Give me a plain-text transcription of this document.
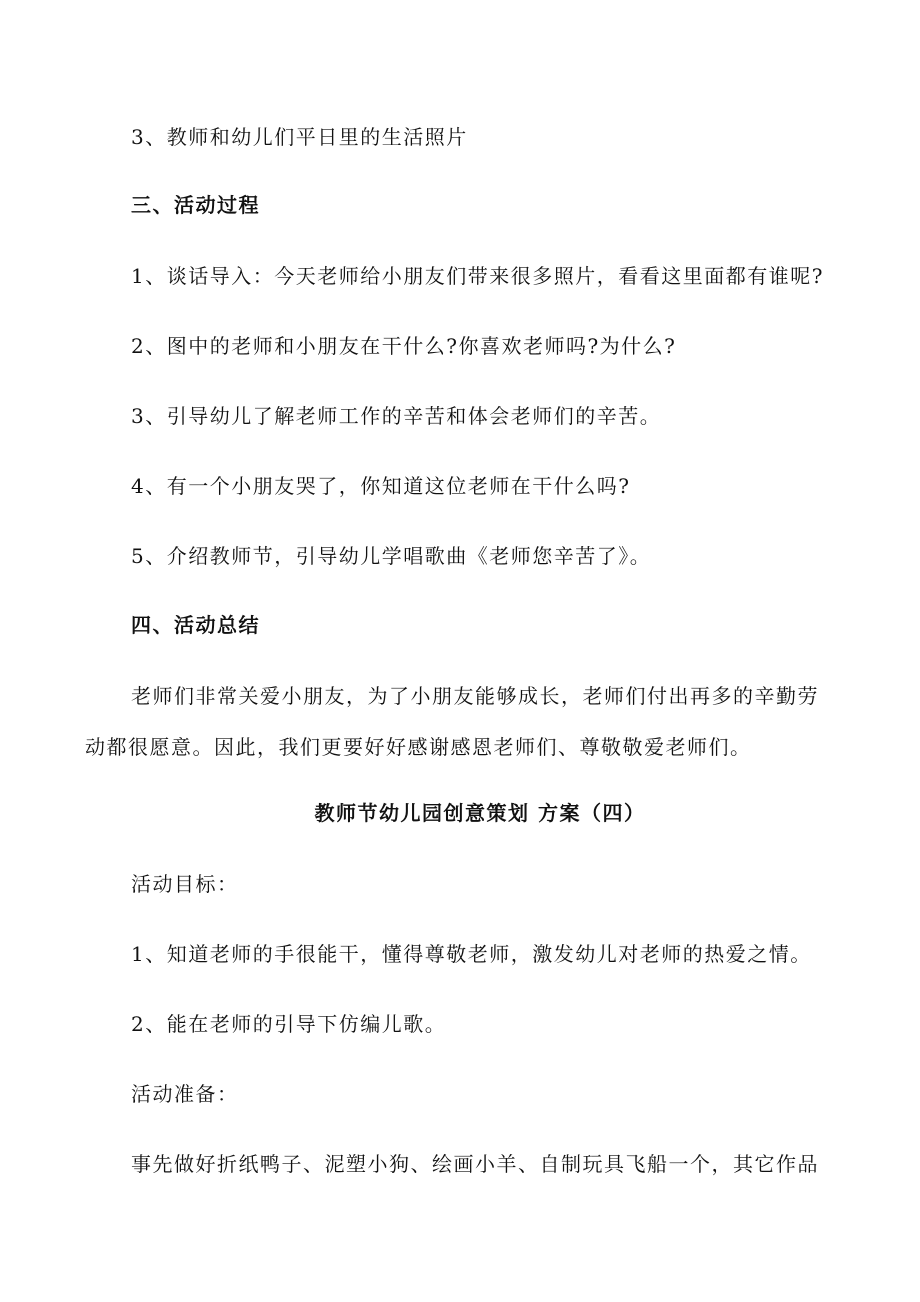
3、教师和幼儿们平日里的生活照片
三、活动过程
1、谈话导入：今天老师给小朋友们带来很多照片，看看这里面都有谁呢?
2、图中的老师和小朋友在干什么?你喜欢老师吗?为什么?
3、引导幼儿了解老师工作的辛苦和体会老师们的辛苦。
4、有一个小朋友哭了，你知道这位老师在干什么吗?
5、介绍教师节，引导幼儿学唱歌曲《老师您辛苦了》。
四、活动总结
老师们非常关爱小朋友，为了小朋友能够成长，老师们付出再多的辛勤劳
动都很愿意。因此，我们更要好好感谢感恩老师们、尊敬敬爱老师们。
教师节幼儿园创意策划 方案（四）
活动目标：
1、知道老师的手很能干，懂得尊敬老师，激发幼儿对老师的热爱之情。
2、能在老师的引导下仿编儿歌。
活动准备：
事先做好折纸鸭子、泥塑小狗、绘画小羊、自制玩具飞船一个，其它作品
